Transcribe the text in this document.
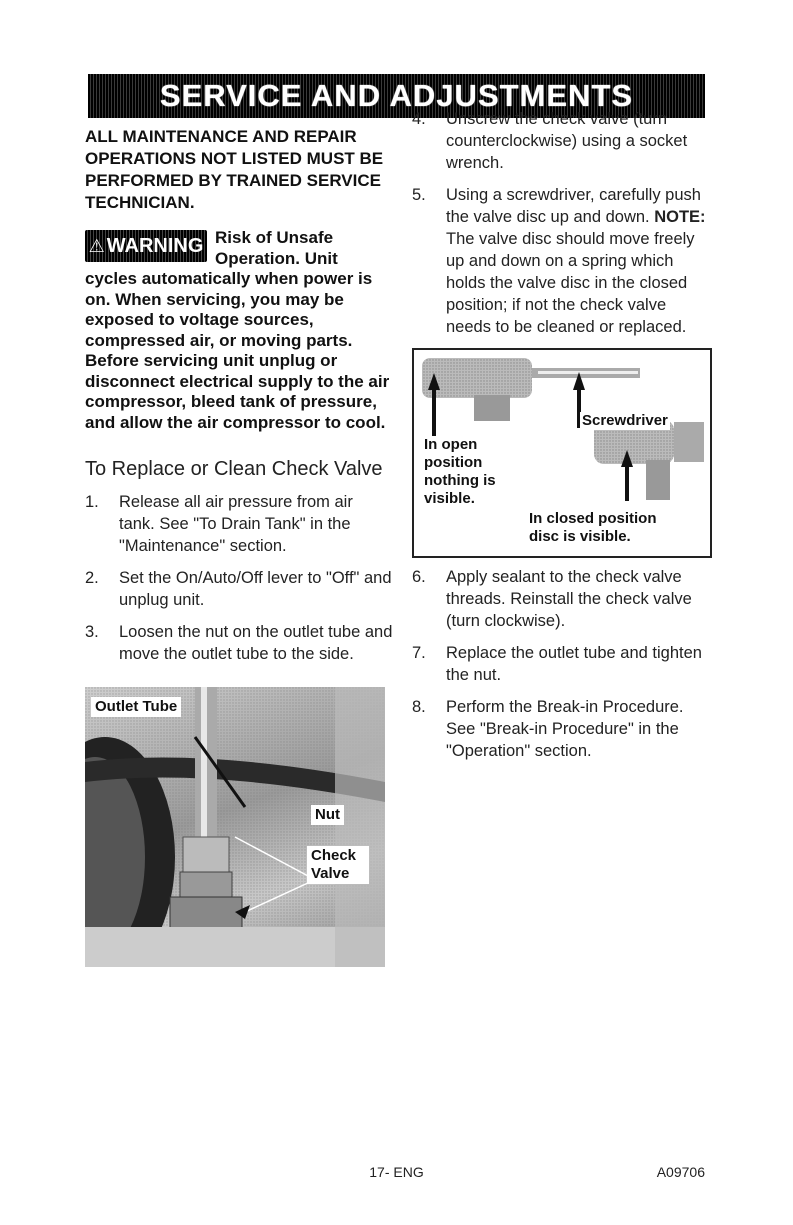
SERVICE AND ADJUSTMENTS

ALL MAINTENANCE AND REPAIR OPERATIONS NOT LISTED MUST BE PERFORMED BY TRAINED SERVICE TECHNICIAN.

⚠ WARNING Risk of Unsafe Operation. Unit cycles automatically when power is on. When servicing, you may be exposed to voltage sources, compressed air, or moving parts. Before servicing unit unplug or disconnect electrical supply to the air compressor, bleed tank of pressure, and allow the air compressor to cool.
To Replace or Clean Check Valve
1.	Release all air pressure from air tank. See "To Drain Tank" in the "Maintenance" section.
2.	Set the On/Auto/Off lever to "Off" and unplug unit.
3.	Loosen the nut on the outlet tube and move the outlet tube to the side.
Outlet Tube
Nut
Check Valve
4.	Unscrew the check valve (turn counterclockwise) using a socket wrench.
5.	Using a screwdriver, carefully push the valve disc up and down. NOTE: The valve disc should move freely up and down on a spring which holds the valve disc in the closed position; if not the check valve needs to be cleaned or replaced.
Screwdriver
In open position nothing is visible.
In closed position disc is visible.
6.	Apply sealant to the check valve threads. Reinstall the check valve (turn clockwise).
7.	Replace the outlet tube and tighten the nut.
8.	Perform the Break-in Procedure. See "Break-in Procedure" in the "Operation" section.
17- ENG	A09706
